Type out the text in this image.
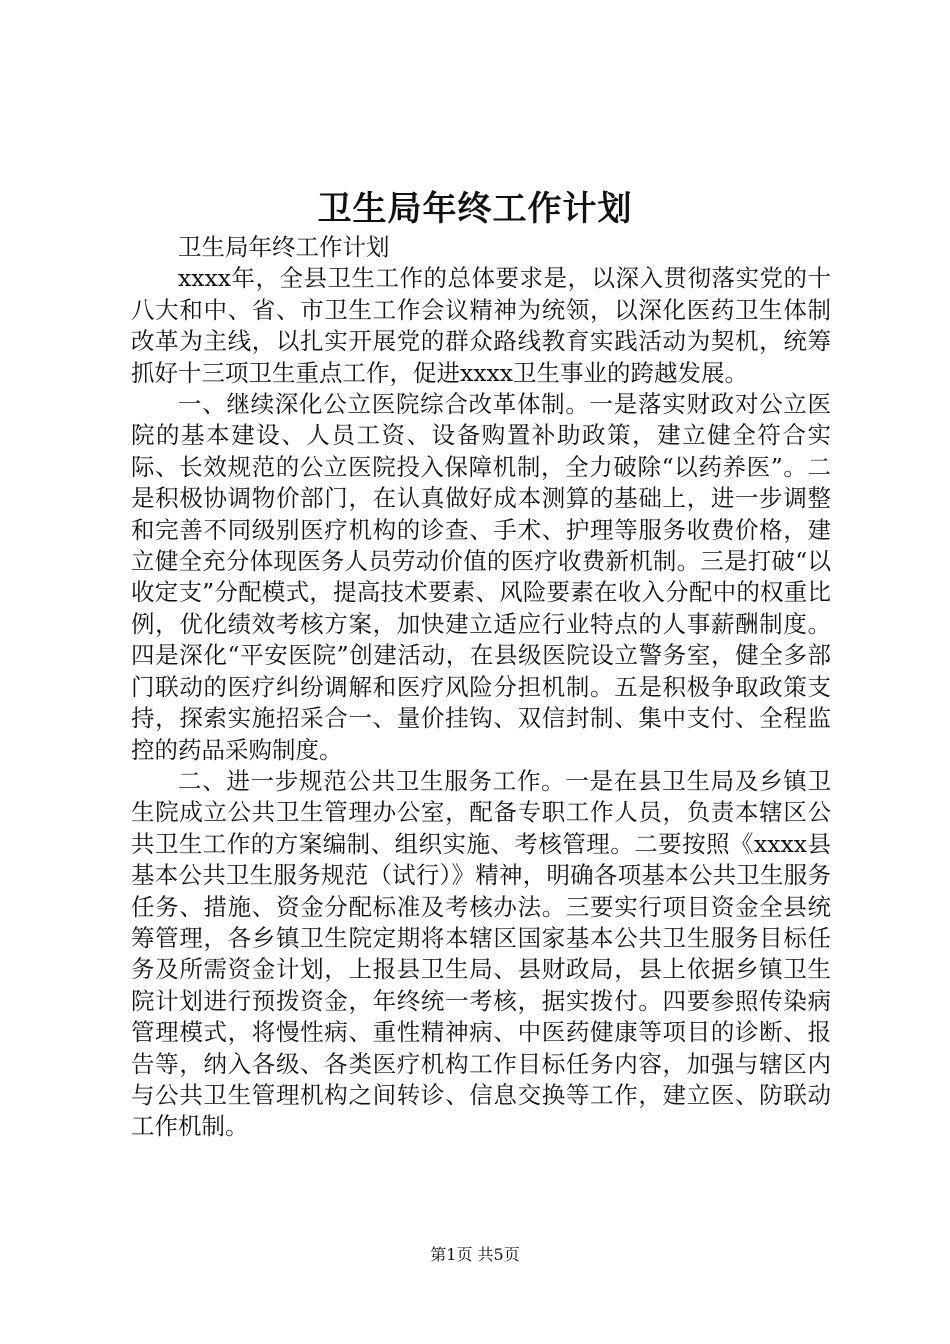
卫生局年终工作计划

卫生局年终工作计划

xxxx年，全县卫生工作的总体要求是，以深入贯彻落实党的十八大和中、省、市卫生工作会议精神为统领，以深化医药卫生体制改革为主线，以扎实开展党的群众路线教育实践活动为契机，统筹抓好十三项卫生重点工作，促进xxxx卫生事业的跨越发展。

一、继续深化公立医院综合改革体制。一是落实财政对公立医院的基本建设、人员工资、设备购置补助政策，建立健全符合实际、长效规范的公立医院投入保障机制，全力破除“以药养医”。二是积极协调物价部门，在认真做好成本测算的基础上，进一步调整和完善不同级别医疗机构的诊查、手术、护理等服务收费价格，建立健全充分体现医务人员劳动价值的医疗收费新机制。三是打破“以收定支”分配模式，提高技术要素、风险要素在收入分配中的权重比例，优化绩效考核方案，加快建立适应行业特点的人事薪酬制度。四是深化“平安医院”创建活动，在县级医院设立警务室，健全多部门联动的医疗纠纷调解和医疗风险分担机制。五是积极争取政策支持，探索实施招采合一、量价挂钩、双信封制、集中支付、全程监控的药品采购制度。

二、进一步规范公共卫生服务工作。一是在县卫生局及乡镇卫生院成立公共卫生管理办公室，配备专职工作人员，负责本辖区公共卫生工作的方案编制、组织实施、考核管理。二要按照《xxxx县基本公共卫生服务规范（试行）》精神，明确各项基本公共卫生服务任务、措施、资金分配标准及考核办法。三要实行项目资金全县统筹管理，各乡镇卫生院定期将本辖区国家基本公共卫生服务目标任务及所需资金计划，上报县卫生局、县财政局，县上依据乡镇卫生院计划进行预拨资金，年终统一考核，据实拨付。四要参照传染病管理模式，将慢性病、重性精神病、中医药健康等项目的诊断、报告等，纳入各级、各类医疗机构工作目标任务内容，加强与辖区内与公共卫生管理机构之间转诊、信息交换等工作，建立医、防联动工作机制。

第1页 共5页
